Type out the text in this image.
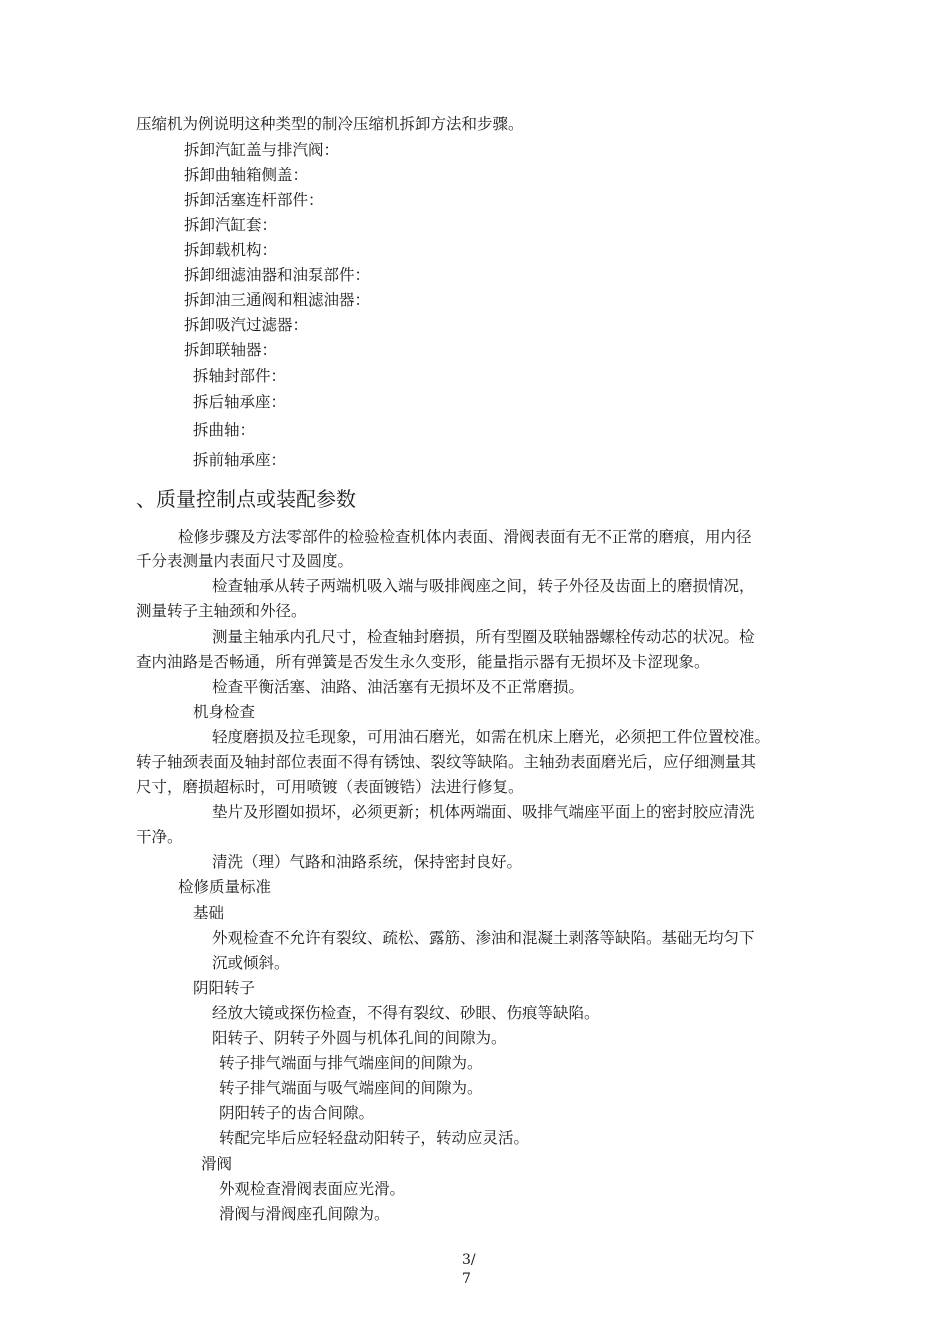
压缩机为例说明这种类型的制冷压缩机拆卸方法和步骤。
拆卸汽缸盖与排汽阀：
拆卸曲轴箱侧盖：
拆卸活塞连杆部件：
拆卸汽缸套：
拆卸载机构：
拆卸细滤油器和油泵部件：
拆卸油三通阀和粗滤油器：
拆卸吸汽过滤器：
拆卸联轴器：
拆轴封部件：
拆后轴承座：
拆曲轴：
拆前轴承座：
、质量控制点或装配参数
检修步骤及方法零部件的检验检查机体内表面、滑阀表面有无不正常的磨痕，用内径
千分表测量内表面尺寸及圆度。
检查轴承从转子两端机吸入端与吸排阀座之间，转子外径及齿面上的磨损情况，
测量转子主轴颈和外径。
测量主轴承内孔尺寸，检查轴封磨损，所有型圈及联轴器螺栓传动芯的状况。检
查内油路是否畅通，所有弹簧是否发生永久变形，能量指示器有无损坏及卡涩现象。
检查平衡活塞、油路、油活塞有无损坏及不正常磨损。
机身检查
轻度磨损及拉毛现象，可用油石磨光，如需在机床上磨光，必须把工件位置校准。
转子轴颈表面及轴封部位表面不得有锈蚀、裂纹等缺陷。主轴劲表面磨光后，应仔细测量其
尺寸，磨损超标时，可用喷镀（表面镀锆）法进行修复。
垫片及形圈如损坏，必须更新；机体两端面、吸排气端座平面上的密封胶应清洗
干净。
清洗（理）气路和油路系统，保持密封良好。
检修质量标准
基础
外观检查不允许有裂纹、疏松、露筋、渗油和混凝土剥落等缺陷。基础无均匀下
沉或倾斜。
阴阳转子
经放大镜或探伤检查，不得有裂纹、砂眼、伤痕等缺陷。
阳转子、阴转子外圆与机体孔间的间隙为。
转子排气端面与排气端座间的间隙为。
转子排气端面与吸气端座间的间隙为。
阴阳转子的齿合间隙。
转配完毕后应轻轻盘动阳转子，转动应灵活。
滑阀
外观检查滑阀表面应光滑。
滑阀与滑阀座孔间隙为。
3/
7
